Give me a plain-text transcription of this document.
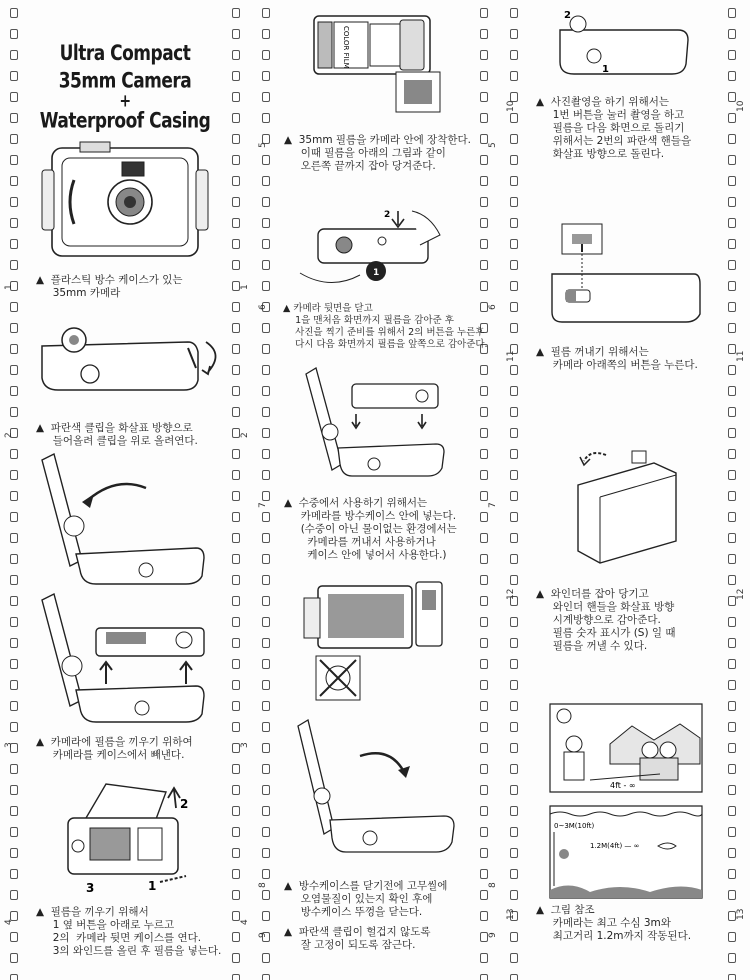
1	1
2	2
3	3
4	4
5	5
6	6
7	7
8	8
9	9
10	10
11	11
12	12
13	13
Ultra Compact 35mm Camera
+
Waterproof Casing
▲  플라스틱 방수 케이스가 있는
35mm 카메라
▲  파란색 클립을 화살표 방향으로
들어올려 클립을 위로 올려연다.
▲  카메라에 필름을 끼우기 위하여
카메라를 케이스에서 빼낸다.
2
3	1
▲  필름을 끼우기 위해서
1 옆 버튼을 아래로 누르고
2의  카메라 뒷면 케이스를 연다.
3의 와인드를 올린 후 필름을 넣는다.
COLOR FILM
▲  35mm 필름을 카메라 안에 장착한다.
이때 필름을 아래의 그림과 같이
오른쪽 끝까지 잡아 당겨준다.
2
1
▲ 카메라 뒷면을 닫고
1을 맨처음 화면까지 필름을 감아준 후
사진을 찍기 준비를 위해서 2의 버튼을 누른후
다시 다음 화면까지 필름을 앞쪽으로 감아준다.
▲  수중에서 사용하기 위해서는
카메라를 방수케이스 안에 넣는다.
(수중이 아닌 물이없는 환경에서는
카메라를 꺼내서 사용하거나
케이스 안에 넣어서 사용한다.)
▲  방수케이스를 닫기전에 고무씰에
오염물질이 있는지 확인 후에
방수케이스 뚜껑을 닫는다.
▲  파란색 클립이 헐겁지 않도록
잘 고정이 되도록 잠근다.
2
1
▲  사진촬영을 하기 위해서는
1번 버튼을 눌러 촬영을 하고
필름을 다음 화면으로 돌리기
위해서는 2번의 파란색 핸들을
화살표 방향으로 돌린다.
▲  필름 꺼내기 위해서는
카메라 아래쪽의 버튼을 누른다.
▲  와인더를 잡아 당기고
와인더 핸들을 화살표 방향
시계방향으로 감아준다.
필름 숫자 표시가 (S) 일 때
필름을 꺼낼 수 있다.
4ft - ∞
0~3M(10ft)
1.2M(4ft) — ∞
▲  그림 참조
카메라는 최고 수심 3m와
최고거리 1.2m까지 작동된다.
